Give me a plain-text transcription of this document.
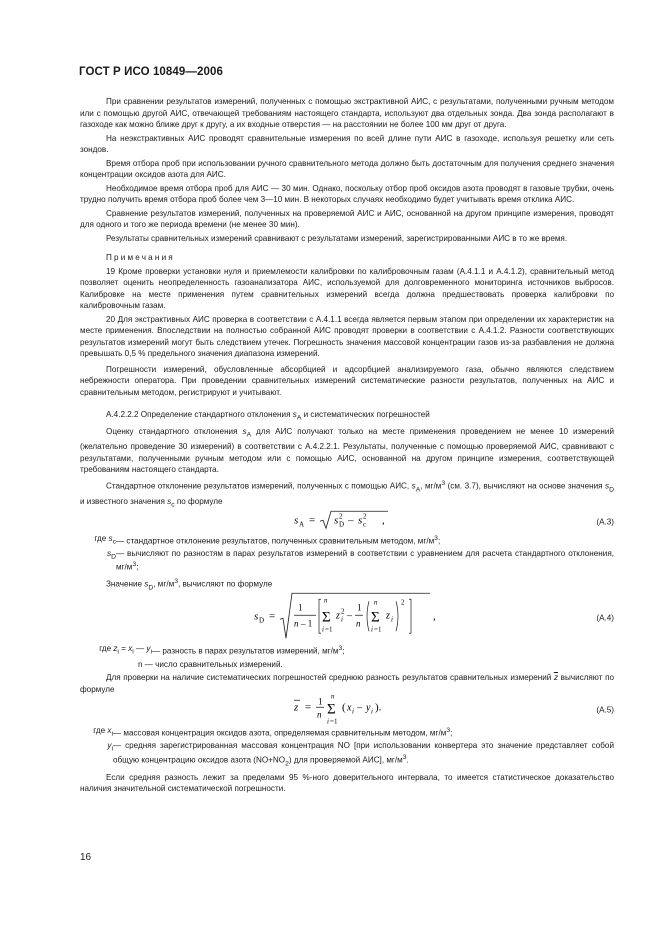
ГОСТ Р ИСО 10849—2006

При сравнении результатов измерений, полученных с помощью экстрактивной АИС, с результатами, полученными ручным методом или с помощью другой АИС, отвечающей требованиям настоящего стандарта, используют два отдельных зонда. Два зонда располагают в газоходе как можно ближе друг к другу, а их входные отверстия — на расстоянии не более 100 мм друг от друга.

На неэкстрактивных АИС проводят сравнительные измерения по всей длине пути АИС в газоходе, используя решетку или сеть зондов.

Время отбора проб при использовании ручного сравнительного метода должно быть достаточным для получения среднего значения концентрации оксидов азота для АИС.

Необходимое время отбора проб для АИС — 30 мин. Однако, поскольку отбор проб оксидов азота проводят в газовые трубки, очень трудно получить время отбора проб более чем 3—10 мин. В некоторых случаях необходимо будет учитывать время отклика АИС.

Сравнение результатов измерений, полученных на проверяемой АИС и АИС, основанной на другом принципе измерения, проводят для одного и того же периода времени (не менее 30 мин).

Результаты сравнительных измерений сравнивают с результатами измерений, зарегистрированными АИС в то же время.

Примечания

19 Кроме проверки установки нуля и приемлемости калибровки по калибровочным газам (А.4.1.1 и А.4.1.2), сравнительный метод позволяет оценить неопределенность газоанализатора АИС, используемой для долговременного мониторинга источников выбросов. Калибровке на месте применения путем сравнительных измерений всегда должна предшествовать проверка калибровки по калибровочным газам.

20 Для экстрактивных АИС проверка в соответствии с А.4.1.1 всегда является первым этапом при определении их характеристик на месте применения. Впоследствии на полностью собранной АИС проводят проверки в соответствии с А.4.1.2. Разности соответствующих результатов измерений могут быть следствием утечек. Погрешность значения массовой концентрации газов из-за разбавления не должна превышать 0,5 % предельного значения диапазона измерений.

Погрешности измерений, обусловленные абсорбцией и адсорбцией анализируемого газа, обычно являются следствием небрежности оператора. При проведении сравнительных измерений систематические разности результатов, полученных на АИС и сравнительным методом, регистрируют и учитывают.

А.4.2.2.2 Определение стандартного отклонения $s_A$ и систематических погрешностей

Оценку стандартного отклонения $s_A$ для АИС получают только на месте применения проведением не менее 10 измерений (желательно проведение 30 измерений) в соответствии с А.4.2.2.1. Результаты, полученные с помощью проверяемой АИС, сравнивают с результатами, полученными ручным методом или с помощью АИС, основанной на другом принципе измерения, соответствующей требованиям настоящего стандарта.

Стандартное отклонение результатов измерений, полученных с помощью АИС, $s_A$, $мг/м^3$ (см. 3.7), вычисляют на основе значения $s_D$ и известного значения $s_c$ по формуле

s A = s 2
D – s 2
c ,	(А.3)
где $s_c$ — стандартное отклонение результатов, полученных сравнительным методом, $мг/м^3$;
$s_D$ — вычисляют по разностям в парах результатов измерений в соответствии с уравнением для расчета стандартного отклонения, $мг/м^3$;

Значение $s_D$, $мг/м^3$, вычисляют по формуле

s D =
1
n – 1
n
Σ
i =1
z 2
i –
1
n
n
Σ
i =1
z i
2
,	(А.4)
где $z_i = x_i$ — $y_i$ — разность в парах результатов измерений, $мг/м^3$;

n — число сравнительных измерений.

Для проверки на наличие систематических погрешностей среднюю разность результатов сравнительных измерений $\overline{z}$ вычисляют по формуле

z = 1
n
n
Σ
i =1
( x i – y i ).	(А.5)
где $x_i$ — массовая концентрация оксидов азота, определяемая сравнительным методом, $мг/м^3$;
$y_i$ — средняя зарегистрированная массовая концентрация NO [при использовании конвертера это значение представляет собой общую концентрацию оксидов азота $(NO+NO_2)$ для проверяемой АИС], $мг/м^3$.

Если средняя разность лежит за пределами 95 %-ного доверительного интервала, то имеется статистическое доказательство наличия значительной систематической погрешности.

16
